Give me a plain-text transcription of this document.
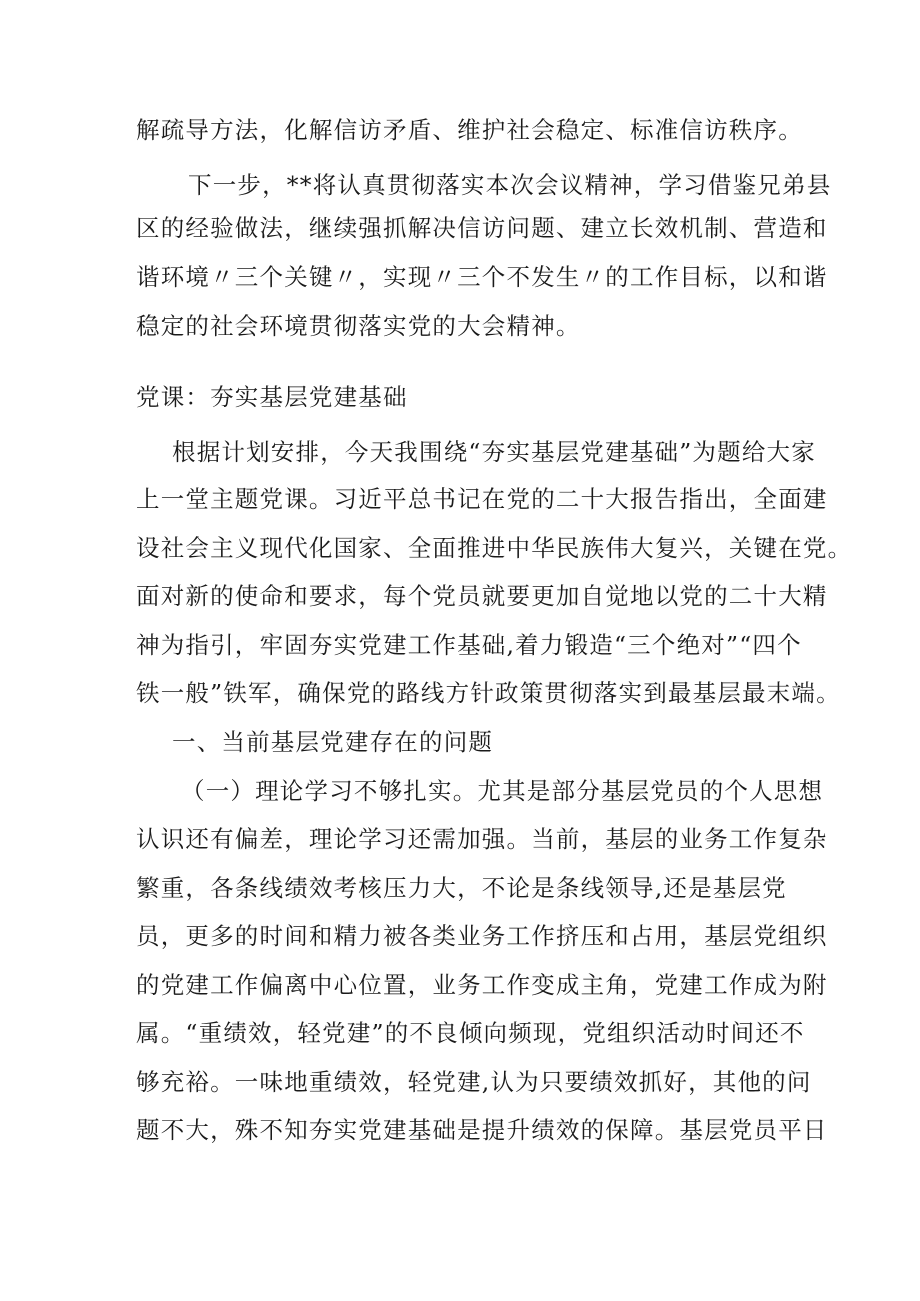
解疏导方法，化解信访矛盾、维护社会稳定、标准信访秩序。
下一步，**将认真贯彻落实本次会议精神，学习借鉴兄弟县
区的经验做法，继续强抓解决信访问题、建立长效机制、营造和
谐环境〃三个关键〃，实现〃三个不发生〃的工作目标，以和谐
稳定的社会环境贯彻落实党的大会精神。
党课：夯实基层党建基础
根据计划安排，今天我围绕“夯实基层党建基础”为题给大家
上一堂主题党课。习近平总书记在党的二十大报告指出，全面建
设社会主义现代化国家、全面推进中华民族伟大复兴，关键在党。
面对新的使命和要求，每个党员就要更加自觉地以党的二十大精
神为指引，牢固夯实党建工作基础,着力锻造“三个绝对”“四个
铁一般”铁军，确保党的路线方针政策贯彻落实到最基层最末端。
一、当前基层党建存在的问题
（一）理论学习不够扎实。尤其是部分基层党员的个人思想
认识还有偏差，理论学习还需加强。当前，基层的业务工作复杂
繁重，各条线绩效考核压力大，不论是条线领导,还是基层党
员，更多的时间和精力被各类业务工作挤压和占用，基层党组织
的党建工作偏离中心位置，业务工作变成主角，党建工作成为附
属。“重绩效，轻党建”的不良倾向频现，党组织活动时间还不
够充裕。一味地重绩效，轻党建,认为只要绩效抓好，其他的问
题不大，殊不知夯实党建基础是提升绩效的保障。基层党员平日
